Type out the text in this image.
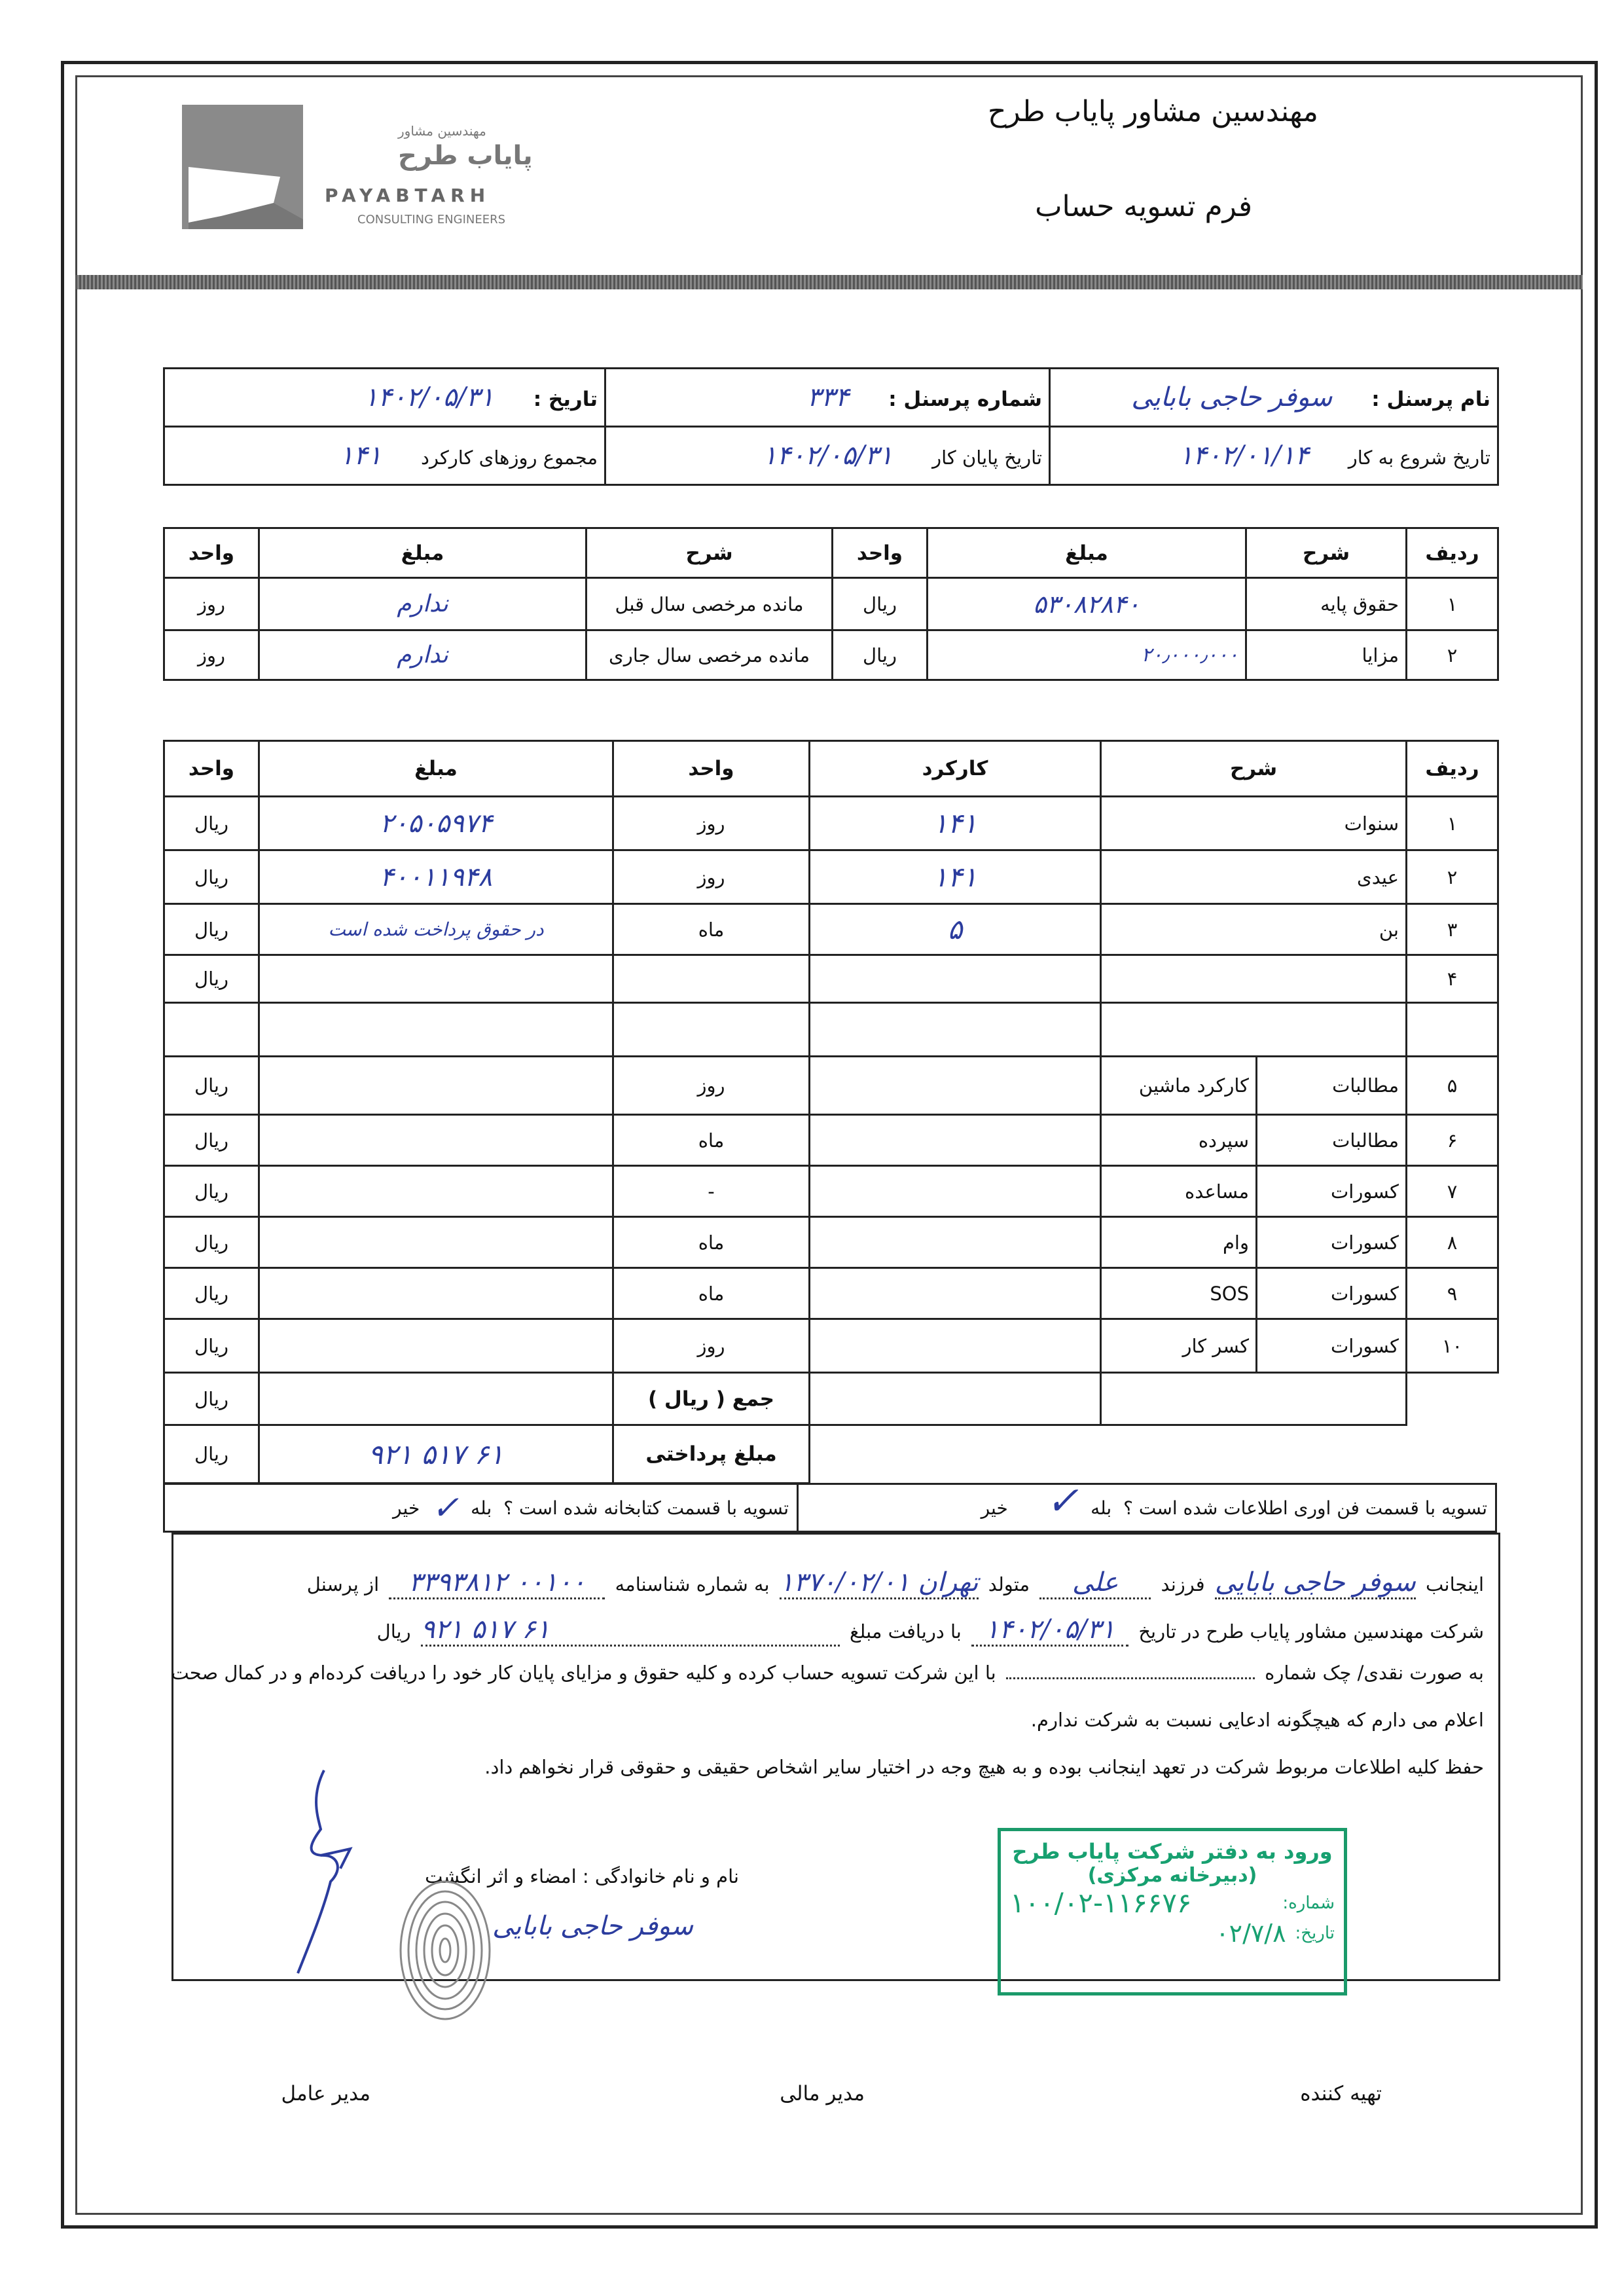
مهندسین مشاور
پایاب طرح
PAYABTARH
CONSULTING ENGINEERS
مهندسین مشاور پایاب طرح
فرم تسویه حساب
نام پرسنل :سوفر حاجی بابایی	شماره پرسنل :۳۳۴	تاریخ :۱۴۰۲/۰۵/۳۱
تاریخ شروع به کار۱۴۰۲/۰۱/۱۴	تاریخ پایان کار۱۴۰۲/۰۵/۳۱	مجموع روزهای کارکرد۱۴۱
ردیف	شرح	مبلغ	واحد	شرح	مبلغ	واحد
۱	حقوق پایه	۵۳۰۸۲۸۴۰	ریال	مانده مرخصی سال قبل	ندارم	روز
۲	مزایا	۲۰٫۰۰۰٫۰۰۰	ریال	مانده مرخصی سال جاری	ندارم	روز
ردیف	شرح		کارکرد	واحد	مبلغ	واحد
۱	سنوات		۱۴۱	روز	۲۰۵۰۵۹۷۴	ریال
۲	عیدی		۱۴۱	روز	۴۰۰۱۱۹۴۸	ریال
۳	بن		۵	ماه	در حقوق پرداخت شده است	ریال
۴						ریال

۵	مطالبات	کارکرد ماشین		روز		ریال
۶	مطالبات	سپرده		ماه		ریال
۷	کسورات	مساعده		-		ریال
۸	کسورات	وام		ماه		ریال
۹	کسورات	SOS		ماه		ریال
۱۰	کسورات	کسر کار		روز		ریال
				جمع ( ریال )		ریال
				مبلغ پرداختی	۶۱ ۵۱۷ ۹۲۱	ریال
تسویه با قسمت فن اوری اطلاعات شده است ؟
بله
✓
خیر
تسویه با قسمت کتابخانه شده است ؟
بله
✓
خیر
اینجانب سوفر حاجی بابایی فرزند علی متولد تهران ۱۳۷۰/۰۲/۰۱ به شماره شناسنامه ۰۰۱۰۰ ۳۳۹۳۸۱۲ از پرسنل
شرکت مهندسین مشاور پایاب طرح در تاریخ ۱۴۰۲/۰۵/۳۱ با دریافت مبلغ ۶۱ ۵۱۷ ۹۲۱ ریال
به صورت نقدی/ چک شماره  با این شرکت تسویه حساب کرده و کلیه حقوق و مزایای پایان کار خود را دریافت کرده‌ام و در کمال صحت
اعلام می دارم که هیچگونه ادعایی نسبت به شرکت ندارم.
حفظ کلیه اطلاعات مربوط شرکت در تعهد اینجانب بوده و به هیچ وجه در اختیار سایر اشخاص حقیقی و حقوقی قرار نخواهم داد.
نام و نام خانوادگی : امضاء و اثر انگشت
سوفر حاجی بابایی
ورود به دفتر شرکت پایاب طرح
(دبیرخانه مرکزی)
شماره:
۱۰۰/۰۲-۱۱۶۶۷۶
تاریخ:
۰۲/۷/۸
تهیه کننده
مدیر مالی
مدیر عامل
